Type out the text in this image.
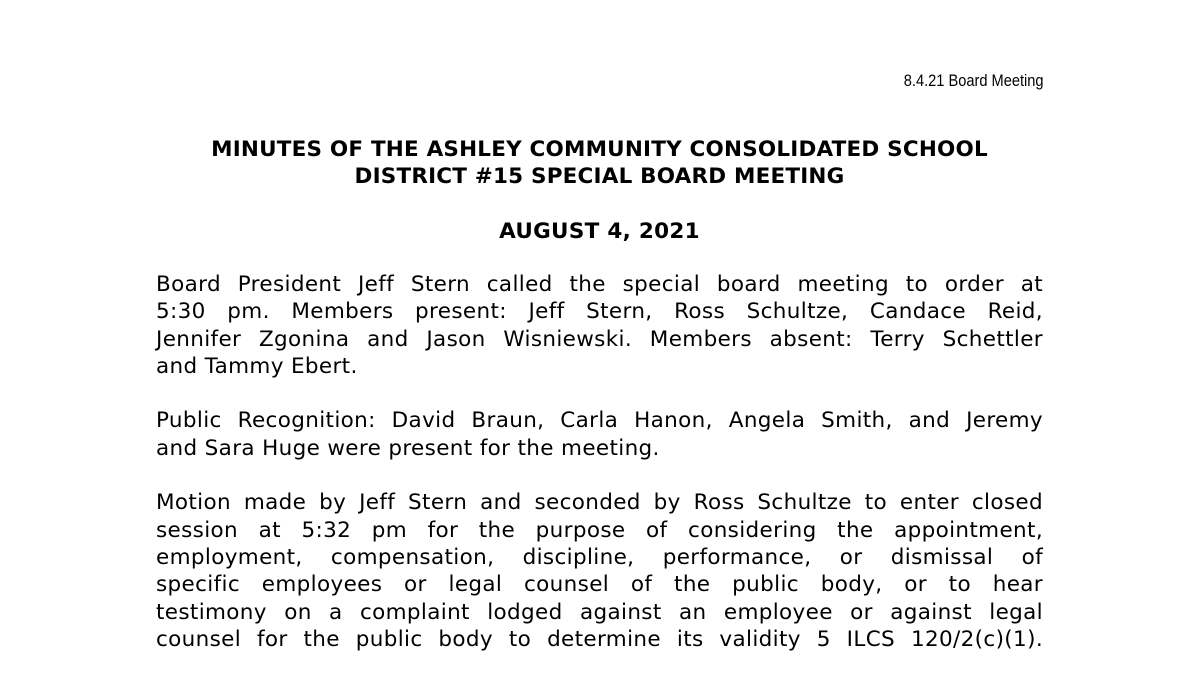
8.4.21 Board Meeting
MINUTES OF THE ASHLEY COMMUNITY CONSOLIDATED SCHOOL
DISTRICT #15 SPECIAL BOARD MEETING
AUGUST 4, 2021

Board President Jeff Stern called the special board meeting to order at
5:30 pm. Members present: Jeff Stern, Ross Schultze, Candace Reid,
Jennifer Zgonina and Jason Wisniewski. Members absent: Terry Schettler
and Tammy Ebert.

Public Recognition: David Braun, Carla Hanon, Angela Smith, and Jeremy
and Sara Huge were present for the meeting.

Motion made by Jeff Stern and seconded by Ross Schultze to enter closed
session at 5:32 pm for the purpose of considering the appointment,
employment, compensation, discipline, performance, or dismissal of
specific employees or legal counsel of the public body, or to hear
testimony on a complaint lodged against an employee or against legal
counsel for the public body to determine its validity 5 ILCS 120/2(c)(1).
